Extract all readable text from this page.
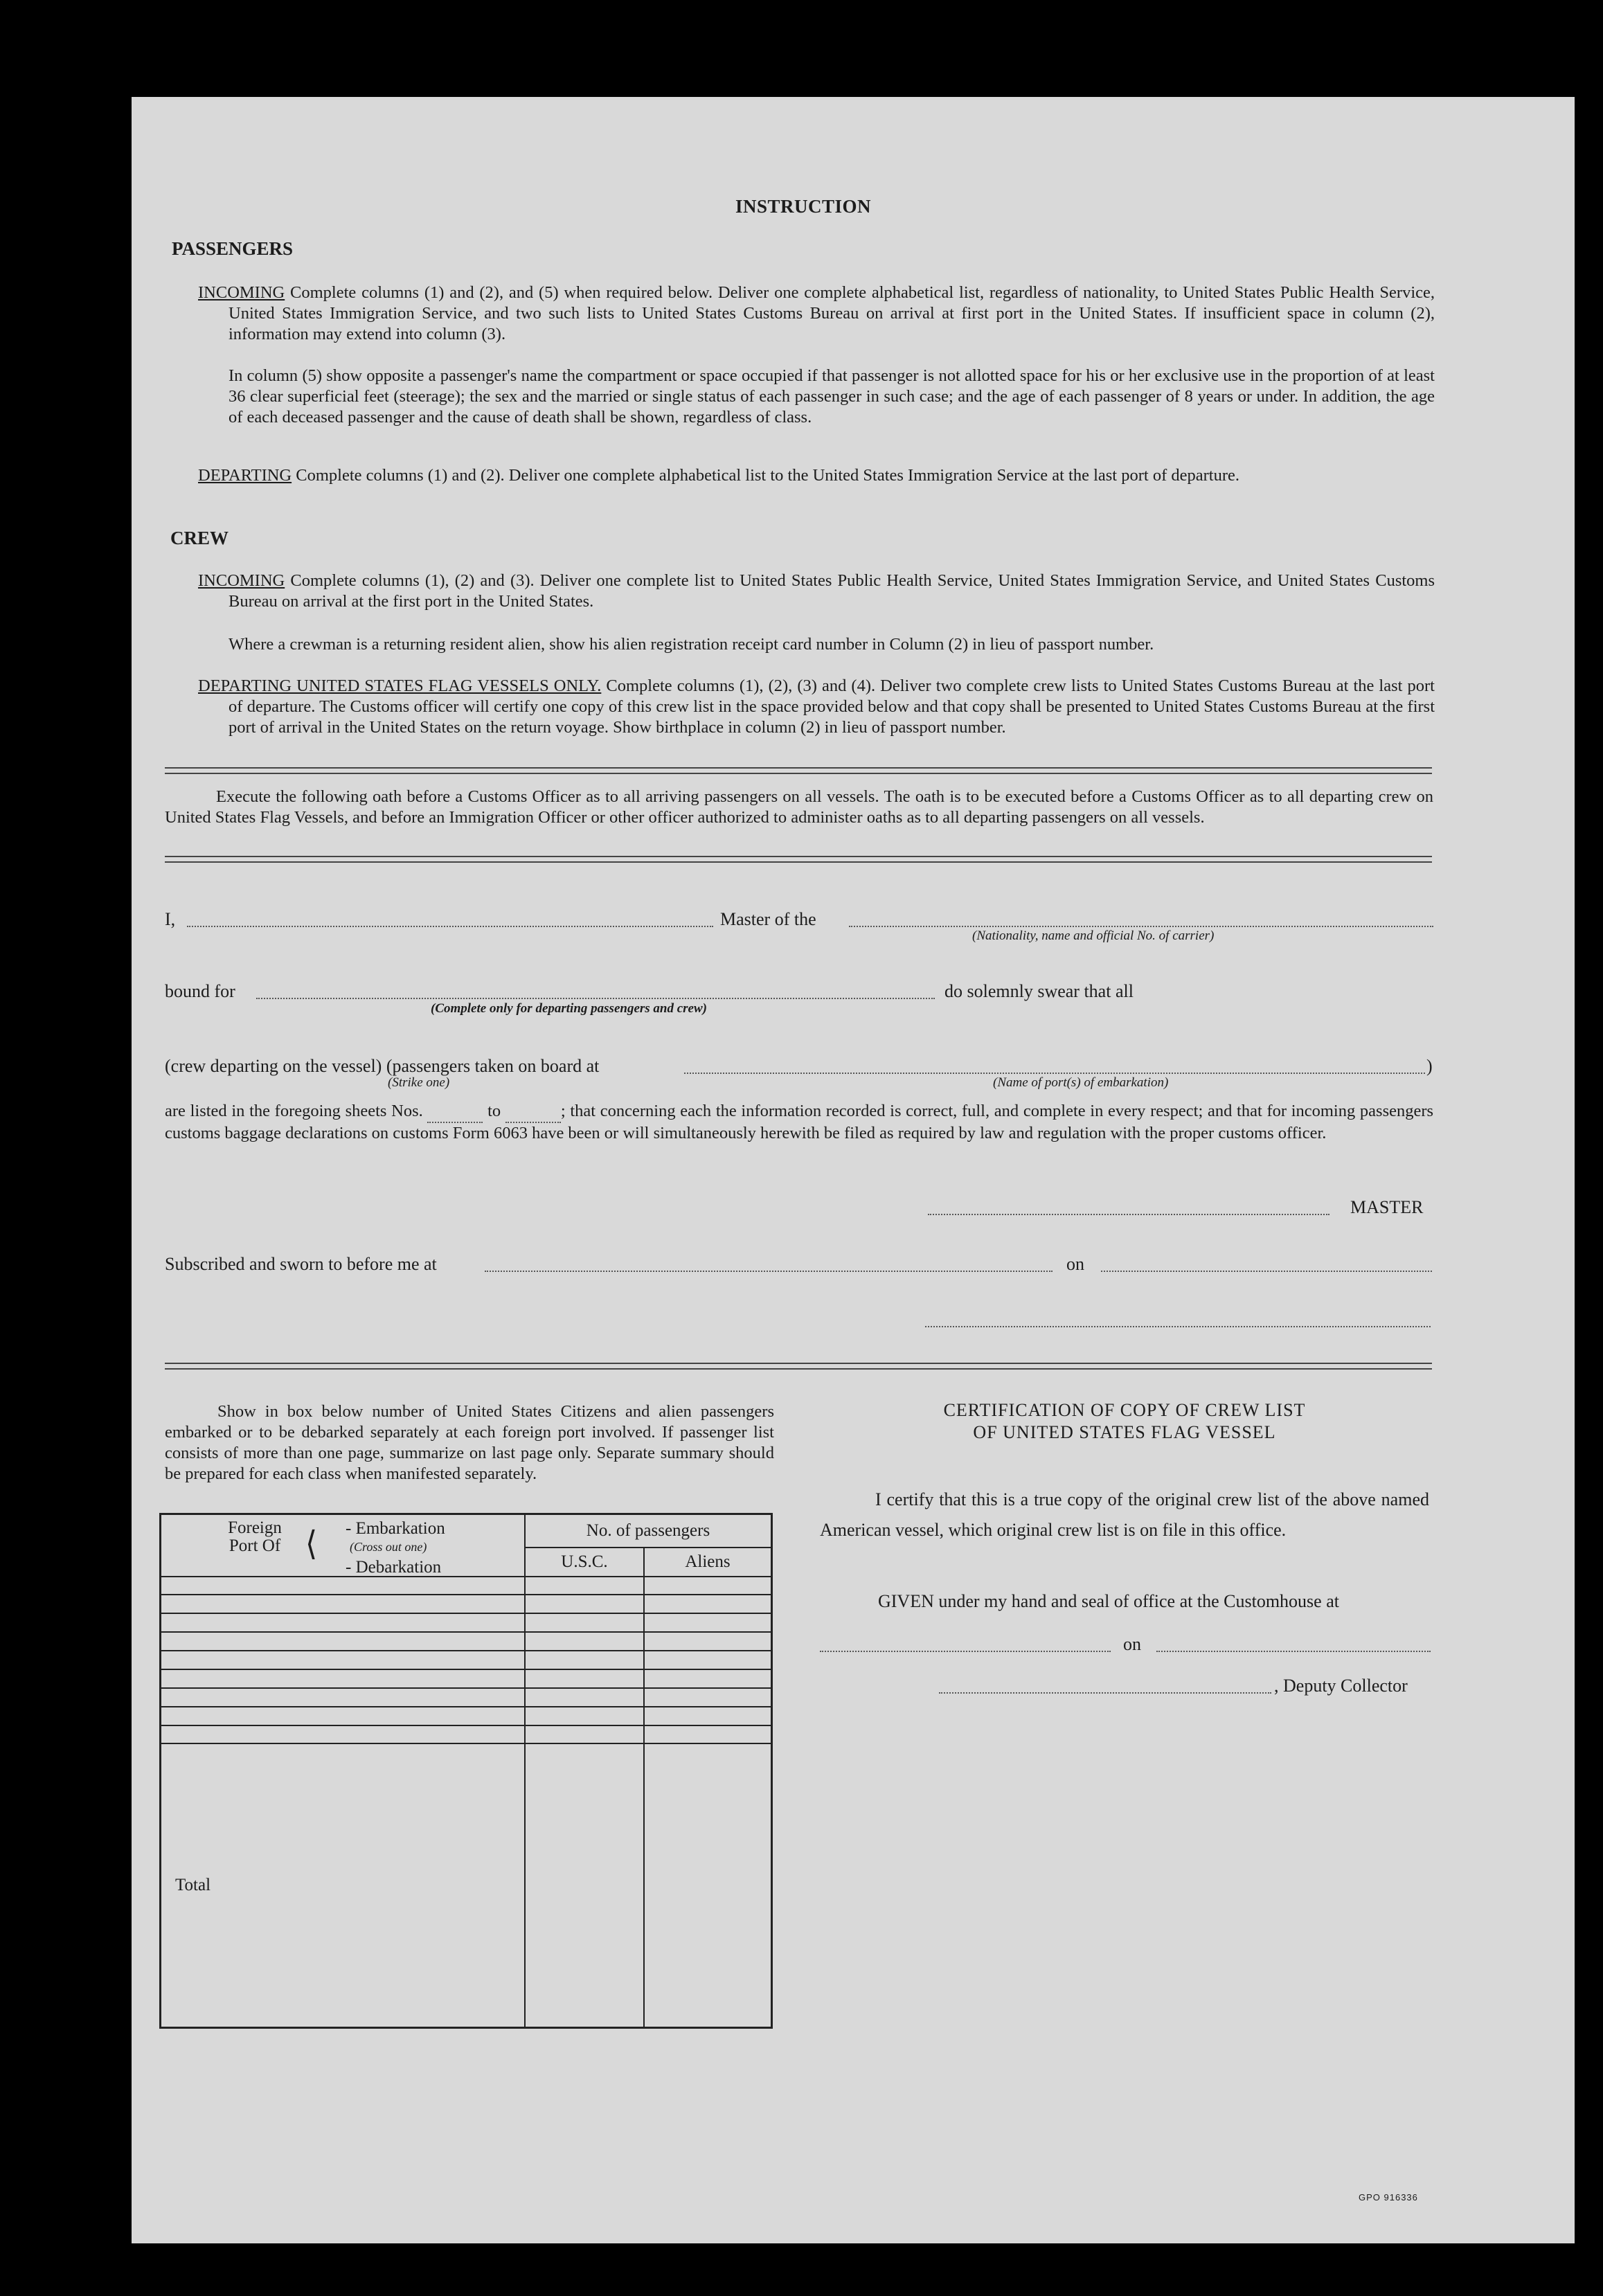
INSTRUCTION
PASSENGERS
INCOMING Complete columns (1) and (2), and (5) when required below. Deliver one complete alphabetical list, regardless of nationality, to United States Public Health Service, United States Immigration Service, and two such lists to United States Customs Bureau on arrival at first port in the United States. If insufficient space in column (2), information may extend into column (3).
In column (5) show opposite a passenger's name the compartment or space occupied if that passenger is not allotted space for his or her exclusive use in the proportion of at least 36 clear superficial feet (steerage); the sex and the married or single status of each passenger in such case; and the age of each passenger of 8 years or under. In addition, the age of each deceased passenger and the cause of death shall be shown, regardless of class.
DEPARTING Complete columns (1) and (2). Deliver one complete alphabetical list to the United States Immigration Service at the last port of departure.
CREW
INCOMING Complete columns (1), (2) and (3). Deliver one complete list to United States Public Health Service, United States Immigration Service, and United States Customs Bureau on arrival at the first port in the United States.
Where a crewman is a returning resident alien, show his alien registration receipt card number in Column (2) in lieu of passport number.
DEPARTING UNITED STATES FLAG VESSELS ONLY. Complete columns (1), (2), (3) and (4). Deliver two complete crew lists to United States Customs Bureau at the last port of departure. The Customs officer will certify one copy of this crew list in the space provided below and that copy shall be presented to United States Customs Bureau at the first port of arrival in the United States on the return voyage. Show birthplace in column (2) in lieu of passport number.
Execute the following oath before a Customs Officer as to all arriving passengers on all vessels. The oath is to be executed before a Customs Officer as to all departing crew on United States Flag Vessels, and before an Immigration Officer or other officer authorized to administer oaths as to all departing passengers on all vessels.
I,	Master of the
(Nationality, name and official No. of carrier)
bound for
(Complete only for departing passengers and crew)
do solemnly swear that all
(crew departing on the vessel) (passengers taken on board at	)
(Strike one)	(Name of port(s) of embarkation)
are listed in the foregoing sheets Nos.	to	; that concerning each the information recorded is correct, full, and complete in every respect; and that for incoming passengers customs baggage declarations on customs Form 6063 have been or will simultaneously herewith be filed as required by law and regulation with the proper customs officer.
MASTER
Subscribed and sworn to before me at	on
Show in box below number of United States Citizens and alien passengers embarked or to be debarked separately at each foreign port involved. If passenger list consists of more than one page, summarize on last page only. Separate summary should be prepared for each class when manifested separately.
Foreign Port Of ⟨ - Embarkation
(Cross out one)
- Debarkation	No. of passengers	
	U.S.C.	Aliens

Total		
CERTIFICATION OF COPY OF CREW LIST
OF UNITED STATES FLAG VESSEL
I certify that this is a true copy of the original crew list of the above named American vessel, which original crew list is on file in this office.
GIVEN under my hand and seal of office at the Customhouse at
on
, Deputy Collector
GPO 916336
